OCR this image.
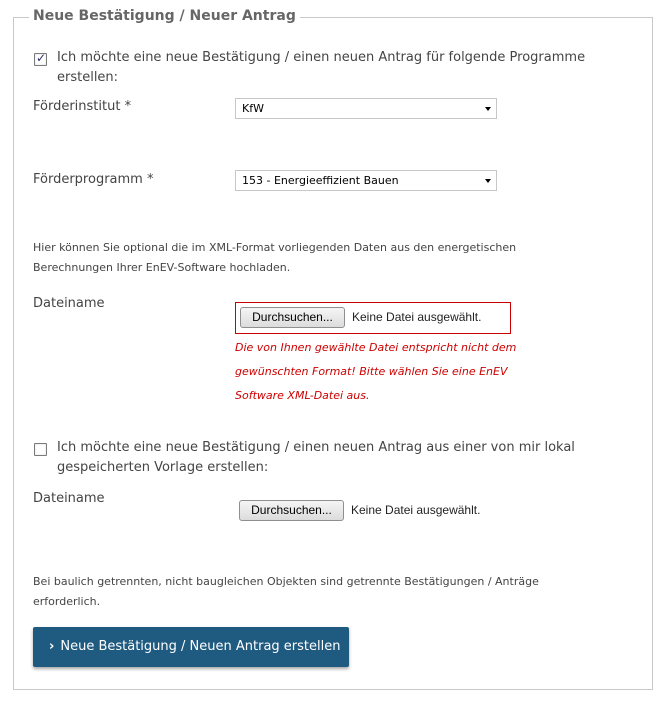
Neue Bestätigung / Neuer Antrag
✓ Ich möchte eine neue Bestätigung / einen neuen Antrag für folgende Programme erstellen:
Förderinstitut *	KfW
Förderprogramm *	153 - Energieeffizient Bauen
Hier können Sie optional die im XML-Format vorliegenden Daten aus den energetischen Berechnungen Ihrer EnEV-Software hochladen.
Dateiname
Durchsuchen...	Keine Datei ausgewählt.
Die von Ihnen gewählte Datei entspricht nicht dem gewünschten Format! Bitte wählen Sie eine EnEV Software XML-Datei aus.
Ich möchte eine neue Bestätigung / einen neuen Antrag aus einer von mir lokal gespeicherten Vorlage erstellen:
Dateiname
Durchsuchen...	Keine Datei ausgewählt.
Bei baulich getrennten, nicht baugleichen Objekten sind getrennte Bestätigungen / Anträge erforderlich.
› Neue Bestätigung / Neuen Antrag erstellen
